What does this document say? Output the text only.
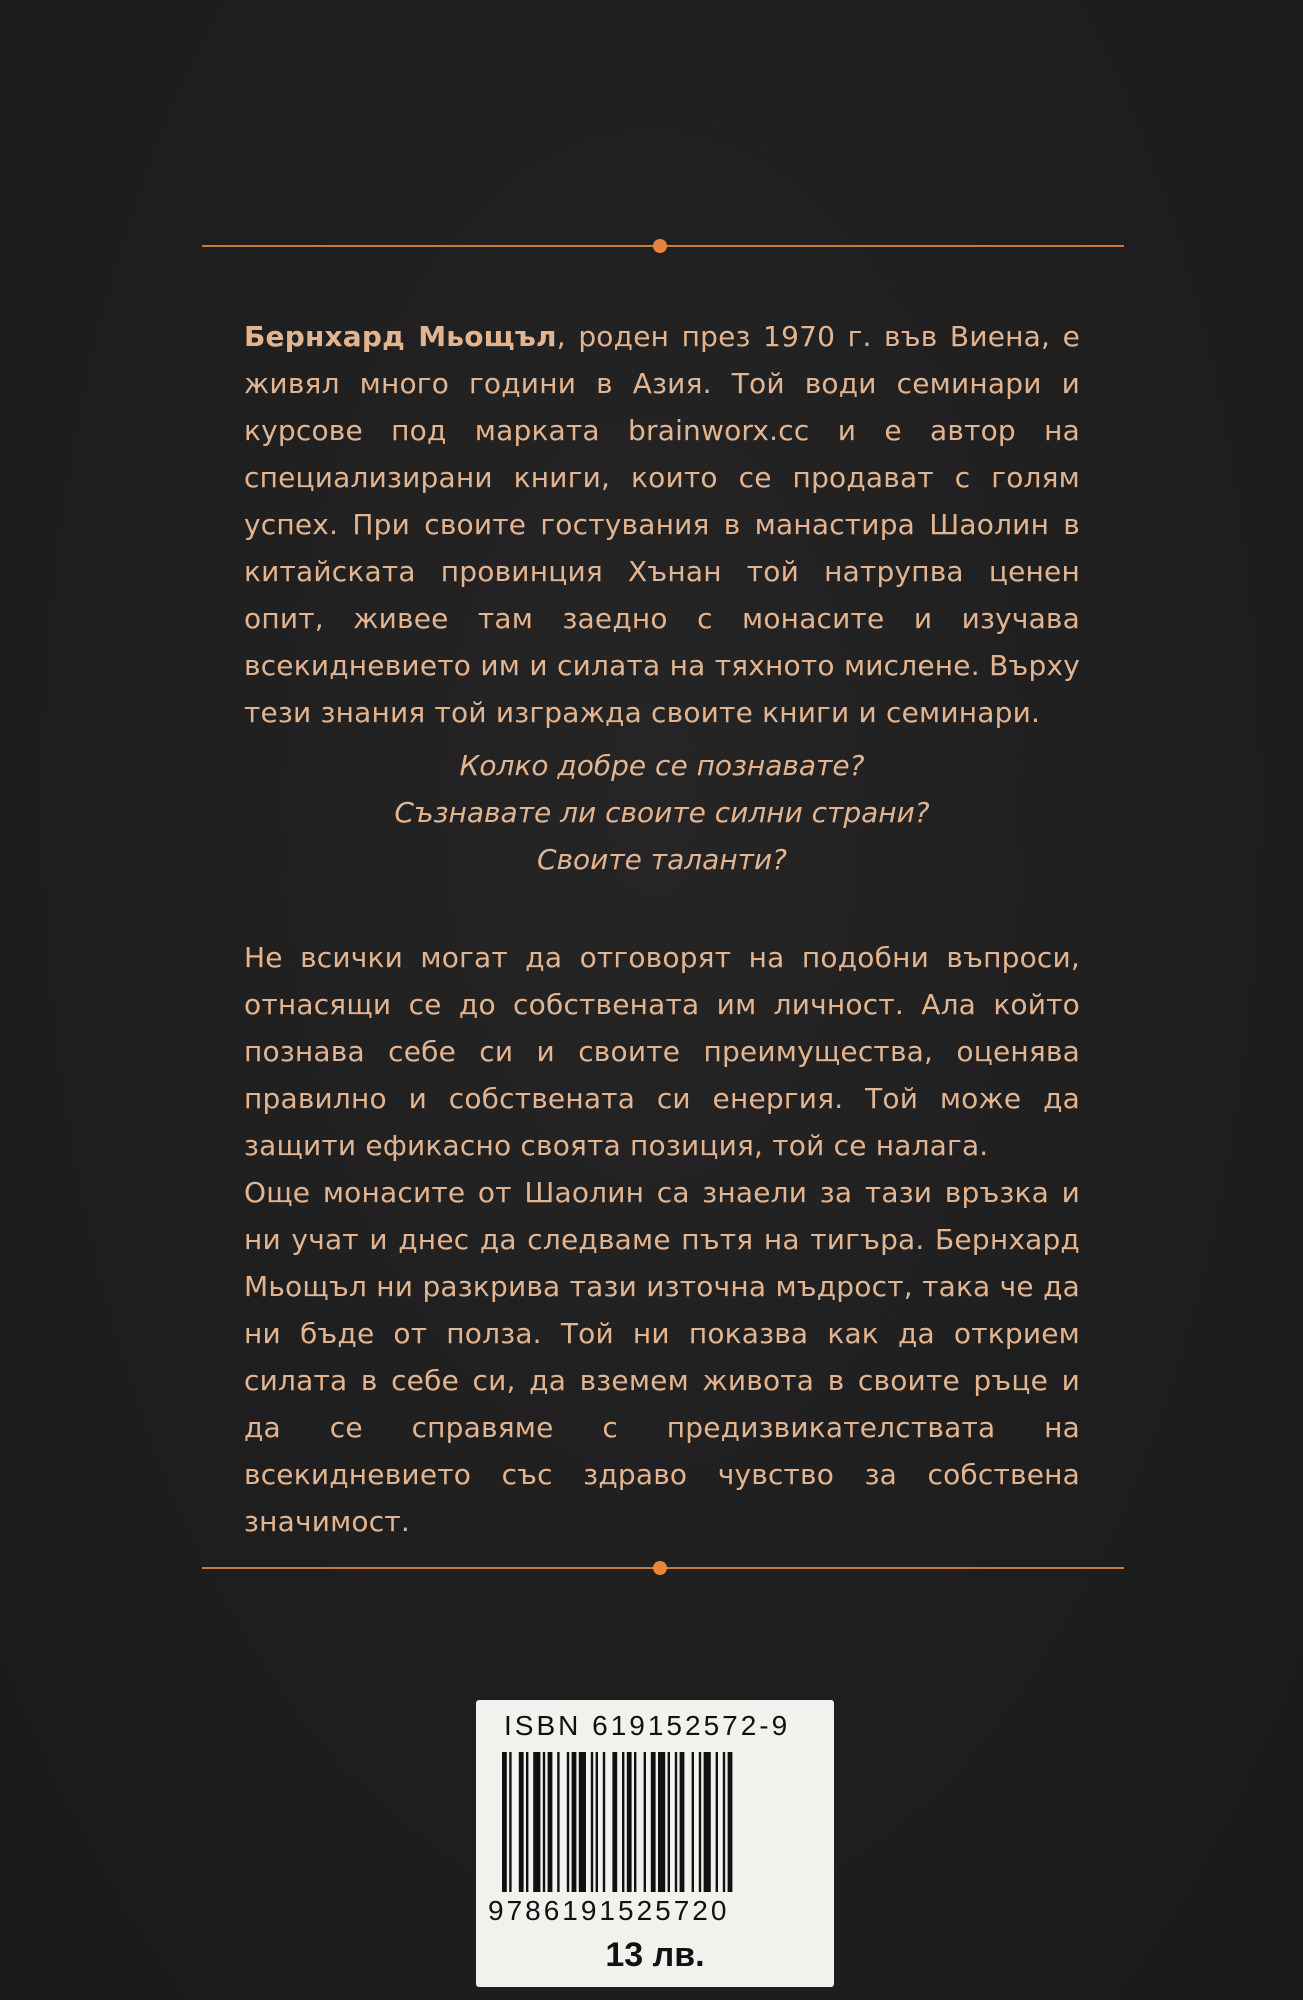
Бернхард Мьощъл, роден през 1970 г. във Виена, е живял много години в Азия. Той води семинари и курсове под марката brainworx.cc и е автор на специализирани книги, които се продават с голям успех. При своите гостувания в манастира Шаолин в китайската провинция Хънан той натрупва ценен опит, живее там заедно с монасите и изучава всекидневието им и силата на тяхното мислене. Върху тези знания той изгражда своите книги и семинари.

Колко добре се познавате?

Съзнавате ли своите силни страни?

Своите таланти?

Не всички могат да отговорят на подобни въпроси, отнасящи се до собствената им личност. Ала който познава себе си и своите преимущества, оценява правилно и собствената си енергия. Той може да защити ефикасно своята позиция, той се налага.

Още монасите от Шаолин са знаели за тази връзка и ни учат и днес да следваме пътя на тигъра. Бернхард Мьощъл ни разкрива тази източна мъдрост, така че да ни бъде от полза. Той ни показва как да открием силата в себе си, да вземем живота в своите ръце и да се справяме с предизвикателствата на всекидневието със здраво чувство за собствена значимост.

ISBN 619152572-9
9786191525720
13 лв.
